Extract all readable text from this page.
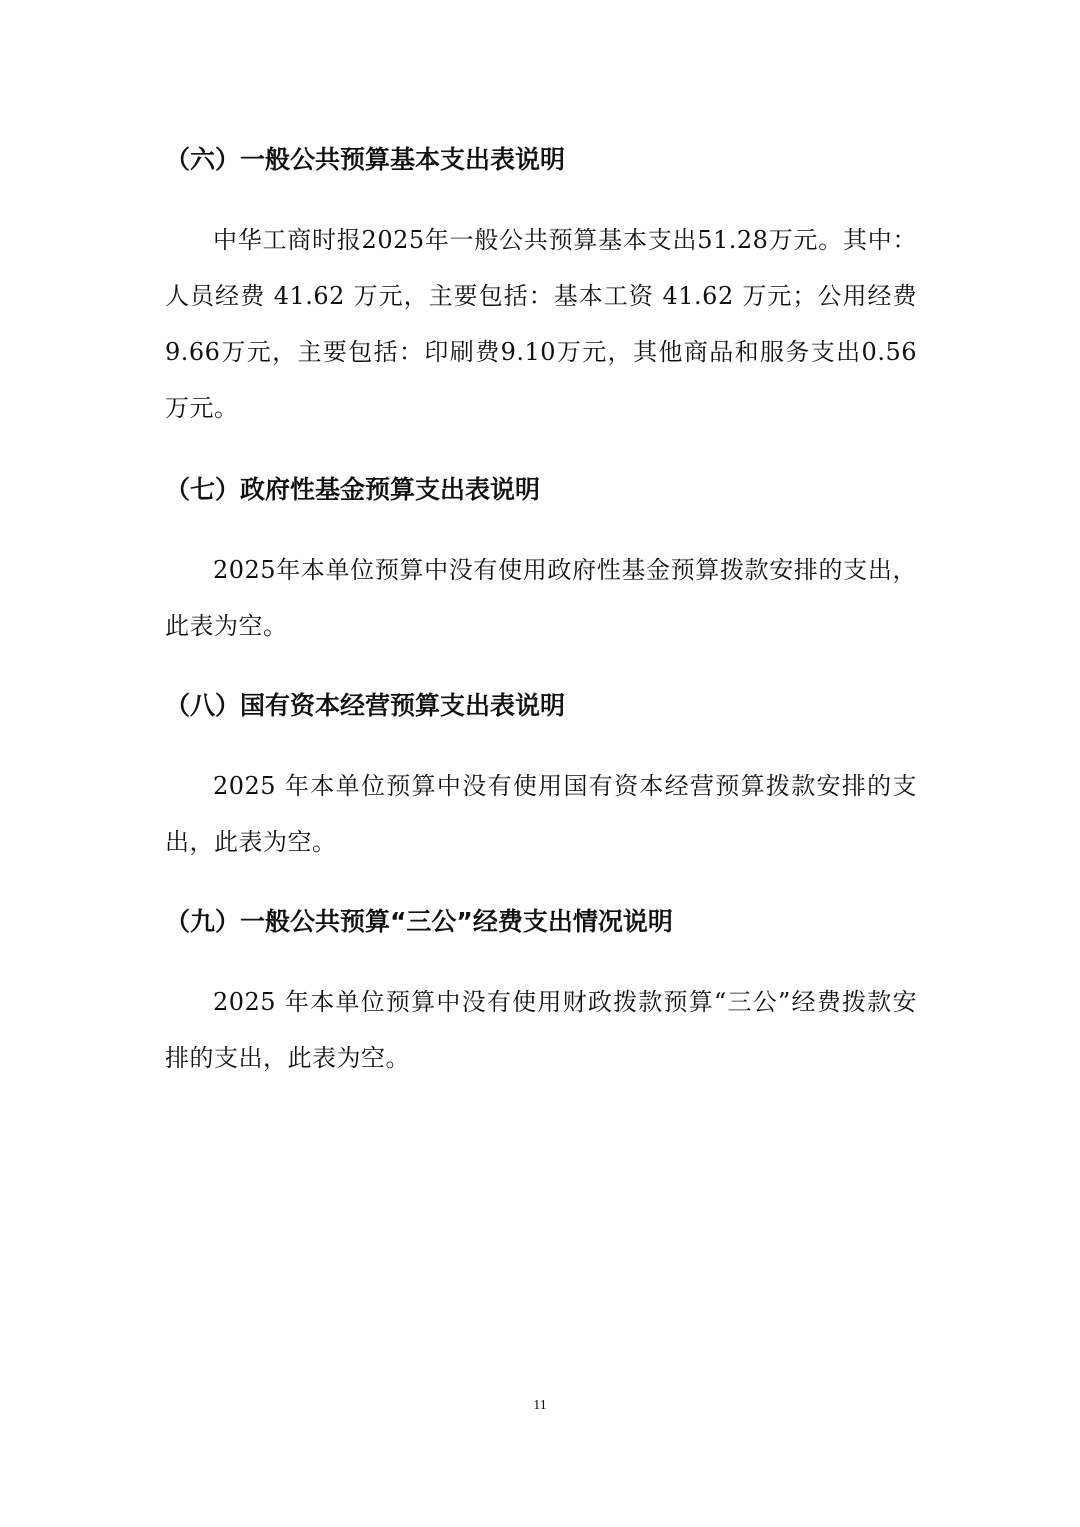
（六）一般公共预算基本支出表说明

中华工商时报2025年一般公共预算基本支出51.28万元。其中：人员经费 41.62 万元，主要包括：基本工资 41.62 万元；公用经费9.66万元，主要包括：印刷费9.10万元，其他商品和服务支出0.56万元。

（七）政府性基金预算支出表说明

2025年本单位预算中没有使用政府性基金预算拨款安排的支出，此表为空。

（八）国有资本经营预算支出表说明

2025 年本单位预算中没有使用国有资本经营预算拨款安排的支出，此表为空。

（九）一般公共预算“三公”经费支出情况说明

2025 年本单位预算中没有使用财政拨款预算“三公”经费拨款安排的支出，此表为空。

11
